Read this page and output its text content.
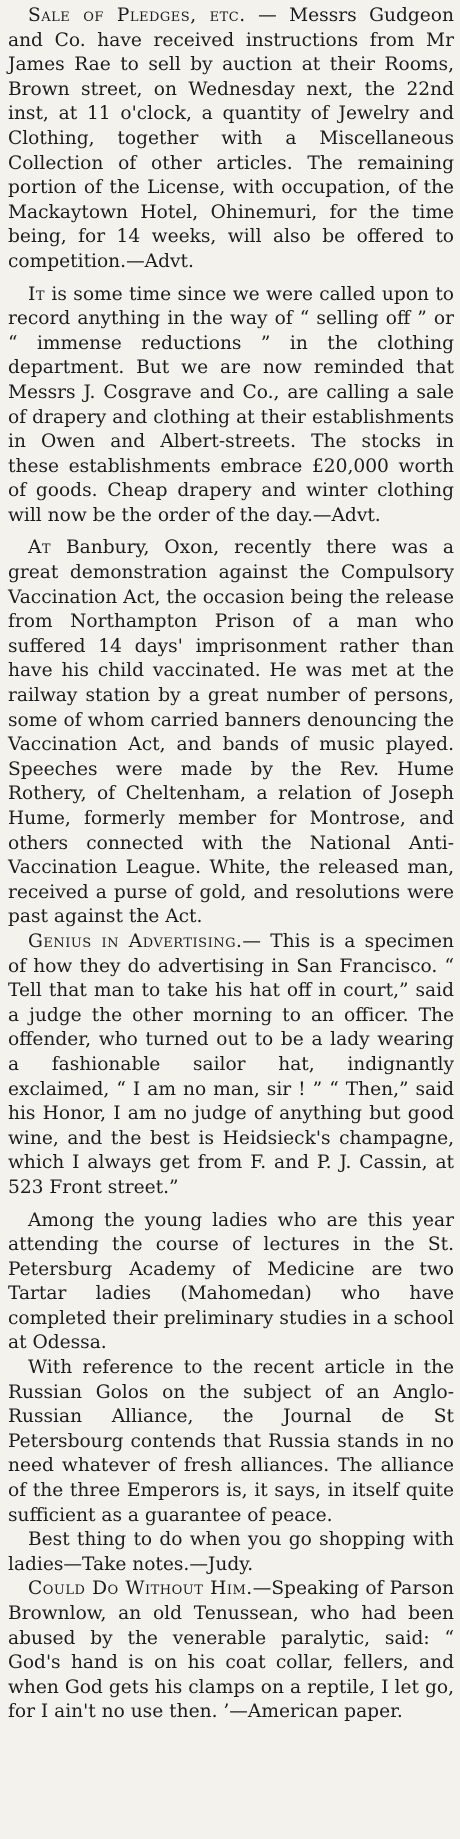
Sale of Pledges, etc. — Messrs Gudgeon and Co. have received instructions from Mr James Rae to sell by auction at their Rooms, Brown street, on Wednesday next, the 22nd inst, at 11 o'clock, a quantity of Jewelry and Clothing, together with a Miscellaneous Collection of other articles. The remaining portion of the License, with occupation, of the Mackaytown Hotel, Ohinemuri, for the time being, for 14 weeks, will also be offered to competition.—Advt.

It is some time since we were called upon to record anything in the way of “ selling off ” or “ immense reductions ” in the clothing department. But we are now reminded that Messrs J. Cosgrave and Co., are calling a sale of drapery and clothing at their establishments in Owen and Albert-streets. The stocks in these establishments embrace £20,000 worth of goods. Cheap drapery and winter clothing will now be the order of the day.—Advt.

At Banbury, Oxon, recently there was a great demonstration against the Compulsory Vaccination Act, the occasion being the release from Northampton Prison of a man who suffered 14 days' imprisonment rather than have his child vaccinated. He was met at the railway station by a great number of persons, some of whom carried banners denouncing the Vaccination Act, and bands of music played. Speeches were made by the Rev. Hume Rothery, of Cheltenham, a relation of Joseph Hume, formerly member for Montrose, and others connected with the National Anti-Vaccination League. White, the released man, received a purse of gold, and resolutions were past against the Act.

Genius in Advertising.— This is a specimen of how they do advertising in San Francisco. “ Tell that man to take his hat off in court,” said a judge the other morning to an officer. The offender, who turned out to be a lady wearing a fashionable sailor hat, indignantly exclaimed, “ I am no man, sir ! ” “ Then,” said his Honor, I am no judge of anything but good wine, and the best is Heidsieck's champagne, which I always get from F. and P. J. Cassin, at 523 Front street.”

Among the young ladies who are this year attending the course of lectures in the St. Petersburg Academy of Medicine are two Tartar ladies (Mahomedan) who have completed their preliminary studies in a school at Odessa.

With reference to the recent article in the Russian Golos on the subject of an Anglo-Russian Alliance, the Journal de St Petersbourg contends that Russia stands in no need whatever of fresh alliances. The alliance of the three Emperors is, it says, in itself quite sufficient as a guarantee of peace.

Best thing to do when you go shopping with ladies—Take notes.—Judy.

Could Do Without Him.—Speaking of Parson Brownlow, an old Tenussean, who had been abused by the venerable paralytic, said: “ God's hand is on his coat collar, fellers, and when God gets his clamps on a reptile, I let go, for I ain't no use then. ’—American paper.
